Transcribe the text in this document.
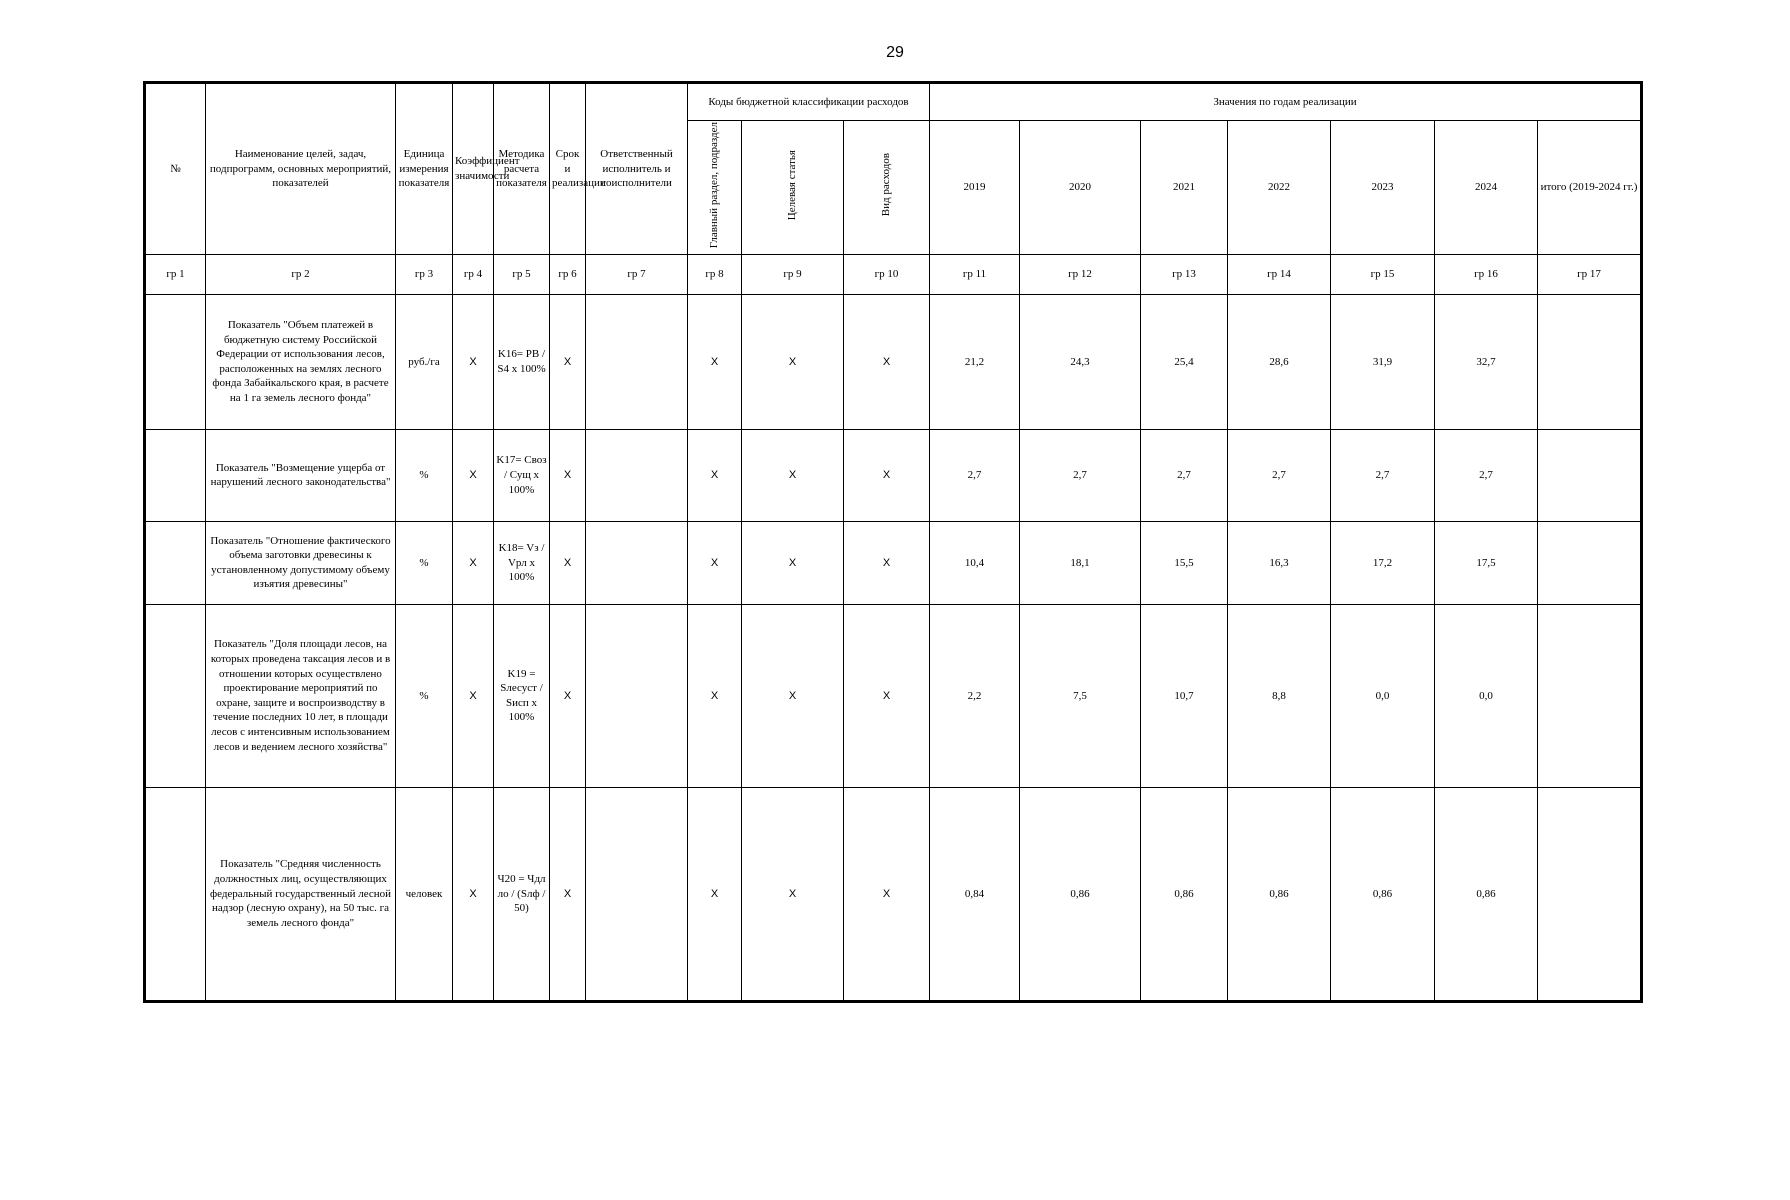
29
№	Наименование целей, задач, подпрограмм, основных мероприятий, показателей	Единица измерения показателя	Коэффициент значимости	Методика расчета показателя	Срок и реализации	Ответственный исполнитель и соисполнители	Коды бюджетной классификации расходов			Значения по годам реализации						
							Главный раздел, подраздел	Целевая статья	Вид расходов	2019	2020	2021	2022	2023	2024	итого (2019-2024 гг.)
гр 1	гр 2	гр 3	гр 4	гр 5	гр 6	гр 7	гр 8	гр 9	гр 10	гр 11	гр 12	гр 13	гр 14	гр 15	гр 16	гр 17
	Показатель "Объем платежей в бюджетную систему Российской Федерации от использования лесов, расположенных на землях лесного фонда Забайкальского края, в расчете на 1 га земель лесного фонда"	руб./га	X	K16= PB / S4 x 100%	X		X	X	X	21,2	24,3	25,4	28,6	31,9	32,7	
	Показатель "Возмещение ущерба от нарушений лесного законодательства"	%	X	K17= Своз / Сущ x 100%	X		X	X	X	2,7	2,7	2,7	2,7	2,7	2,7	
	Показатель "Отношение фактического объема заготовки древесины к установленному допустимому объему изъятия древесины"	%	X	K18= Vз / Vрл x 100%	X		X	X	X	10,4	18,1	15,5	16,3	17,2	17,5	
	Показатель "Доля площади лесов, на которых проведена таксация лесов и в отношении которых осуществлено проектирование мероприятий по охране, защите и воспроизводству в течение последних 10 лет, в площади лесов с интенсивным использованием лесов и ведением лесного хозяйства"	%	X	K19 = Sлесуст / Sисп x 100%	X		X	X	X	2,2	7,5	10,7	8,8	0,0	0,0	
	Показатель "Средняя численность должностных лиц, осуществляющих федеральный государственный лесной надзор (лесную охрану), на 50 тыс. га земель лесного фонда"	человек	X	Ч20 = Чдл ло / (Sлф / 50)	X		X	X	X	0,84	0,86	0,86	0,86	0,86	0,86	
